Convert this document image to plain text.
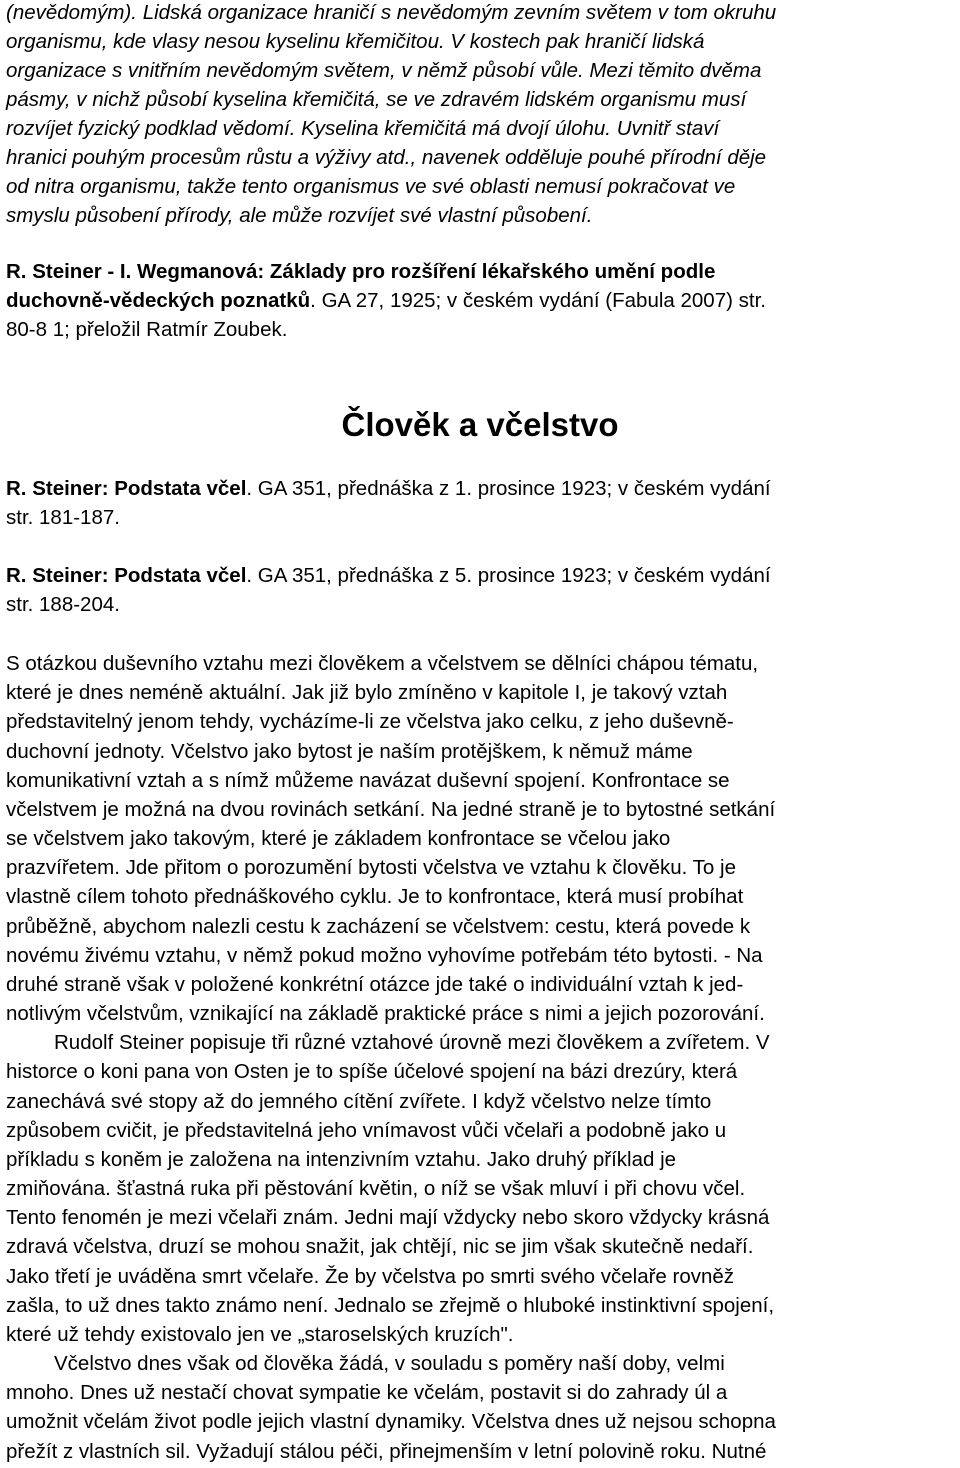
(nevědomým). Lidská organizace hraničí s nevědomým zevním světem v tom okruhu
organismu, kde vlasy nesou kyselinu křemičitou. V kostech pak hraničí lidská
organizace s vnitřním nevědomým světem, v němž působí vůle. Mezi těmito dvěma
pásmy, v nichž působí kyselina křemičitá, se ve zdravém lidském organismu musí
rozvíjet fyzický podklad vědomí. Kyselina křemičitá má dvojí úlohu. Uvnitř staví
hranici pouhým procesům růstu a výživy atd., navenek odděluje pouhé přírodní děje
od nitra organismu, takže tento organismus ve své oblasti nemusí pokračovat ve
smyslu působení přírody, ale může rozvíjet své vlastní působení.
R. Steiner - I. Wegmanová: Základy pro rozšíření lékařského umění podle
duchovně-vědeckých poznatků. GA 27, 1925; v českém vydání (Fabula 2007) str.
80-8 1; přeložil Ratmír Zoubek.
Člověk a včelstvo
R. Steiner: Podstata včel. GA 351, přednáška z 1. prosince 1923; v českém vydání
str. 181-187.
R. Steiner: Podstata včel. GA 351, přednáška z 5. prosince 1923; v českém vydání
str. 188-204.
S otázkou duševního vztahu mezi člověkem a včelstvem se dělníci chápou tématu,
které je dnes neméně aktuální. Jak již bylo zmíněno v kapitole I, je takový vztah
představitelný jenom tehdy, vycházíme-li ze včelstva jako celku, z jeho duševně-
duchovní jednoty. Včelstvo jako bytost je naším protějškem, k němuž máme
komunikativní vztah a s nímž můžeme navázat duševní spojení. Konfrontace se
včelstvem je možná na dvou rovinách setkání. Na jedné straně je to bytostné setkání
se včelstvem jako takovým, které je základem konfrontace se včelou jako
prazvířetem. Jde přitom o porozumění bytosti včelstva ve vztahu k člověku. To je
vlastně cílem tohoto přednáškového cyklu. Je to konfrontace, která musí probíhat
průběžně, abychom nalezli cestu k zacházení se včelstvem: cestu, která povede k
novému živému vztahu, v němž pokud možno vyhovíme potřebám této bytosti. - Na
druhé straně však v položené konkrétní otázce jde také o individuální vztah k jed-
notlivým včelstvům, vznikající na základě praktické práce s nimi a jejich pozorování.
Rudolf Steiner popisuje tři různé vztahové úrovně mezi člověkem a zvířetem. V
historce o koni pana von Osten je to spíše účelové spojení na bázi drezúry, která
zanechává své stopy až do jemného cítění zvířete. I když včelstvo nelze tímto
způsobem cvičit, je představitelná jeho vnímavost vůči včelaři a podobně jako u
příkladu s koněm je založena na intenzivním vztahu. Jako druhý příklad je
zmiňována. šťastná ruka při pěstování květin, o níž se však mluví i při chovu včel.
Tento fenomén je mezi včelaři znám. Jedni mají vždycky nebo skoro vždycky krásná
zdravá včelstva, druzí se mohou snažit, jak chtějí, nic se jim však skutečně nedaří.
Jako třetí je uváděna smrt včelaře. Že by včelstva po smrti svého včelaře rovněž
zašla, to už dnes takto známo není. Jednalo se zřejmě o hluboké instinktivní spojení,
které už tehdy existovalo jen ve „staroselských kruzích".
Včelstvo dnes však od člověka žádá, v souladu s poměry naší doby, velmi
mnoho. Dnes už nestačí chovat sympatie ke včelám, postavit si do zahrady úl a
umožnit včelám život podle jejich vlastní dynamiky. Včelstva dnes už nejsou schopna
přežít z vlastních sil. Vyžadují stálou péči, přinejmenším v letní polovině roku. Nutné
